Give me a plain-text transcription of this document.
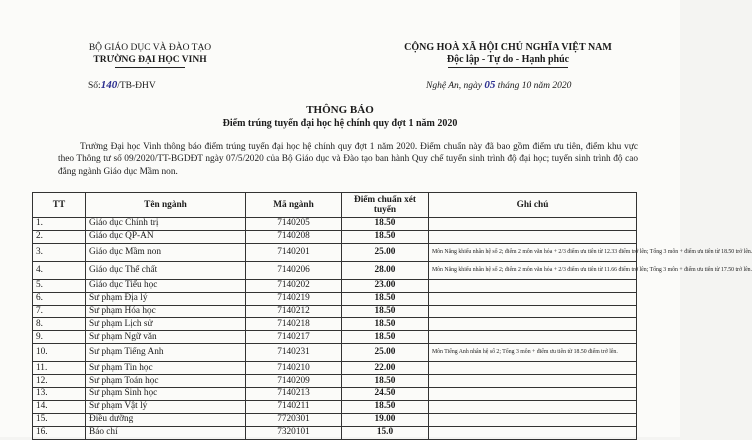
BỘ GIÁO DỤC VÀ ĐÀO TẠO
TRƯỜNG ĐẠI HỌC VINH
CỘNG HOÀ XÃ HỘI CHỦ NGHĨA VIỆT NAM
Độc lập - Tự do - Hạnh phúc
Số:140/TB-ĐHV	Nghệ An, ngày 05 tháng 10 năm 2020
THÔNG BÁO
Điểm trúng tuyển đại học hệ chính quy đợt 1 năm 2020
Trường Đại học Vinh thông báo điểm trúng tuyển đại học hệ chính quy đợt 1 năm 2020. Điểm chuẩn này đã bao gồm điểm ưu tiên, điểm khu vực theo Thông tư số 09/2020/TT-BGDĐT ngày 07/5/2020 của Bộ Giáo dục và Đào tạo ban hành Quy chế tuyển sinh trình độ đại học; tuyển sinh trình độ cao đẳng ngành Giáo dục Mầm non.
TT	Tên ngành	Mã ngành	Điểm chuẩn xét tuyển	Ghi chú
1.	Giáo dục Chính trị	7140205	18.50	
2.	Giáo dục QP-AN	7140208	18.50	
3.	Giáo dục Mầm non	7140201	25.00	Môn Năng khiếu nhân hệ số 2; điểm 2 môn văn hóa + 2/3 điểm ưu tiên từ 12.33 điểm trở lên; Tổng 3 môn + điểm ưu tiên từ 18.50 trở lên.
4.	Giáo dục Thể chất	7140206	28.00	Môn Năng khiếu nhân hệ số 2; điểm 2 môn văn hóa + 2/3 điểm ưu tiên từ 11.66 điểm trở lên; Tổng 3 môn + điểm ưu tiên từ 17.50 trở lên.
5.	Giáo dục Tiểu học	7140202	23.00	
6.	Sư phạm Địa lý	7140219	18.50	
7.	Sư phạm Hóa học	7140212	18.50	
8.	Sư phạm Lịch sử	7140218	18.50	
9.	Sư phạm Ngữ văn	7140217	18.50	
10.	Sư phạm Tiếng Anh	7140231	25.00	Môn Tiếng Anh nhân hệ số 2; Tổng 3 môn + điểm ưu tiên từ 18.50 điểm trở lên.
11.	Sư phạm Tin học	7140210	22.00	
12.	Sư phạm Toán học	7140209	18.50	
13.	Sư phạm Sinh học	7140213	24.50	
14.	Sư phạm Vật lý	7140211	18.50	
15.	Điều dưỡng	7720301	19.00	
16.	Báo chí	7320101	15.0	
